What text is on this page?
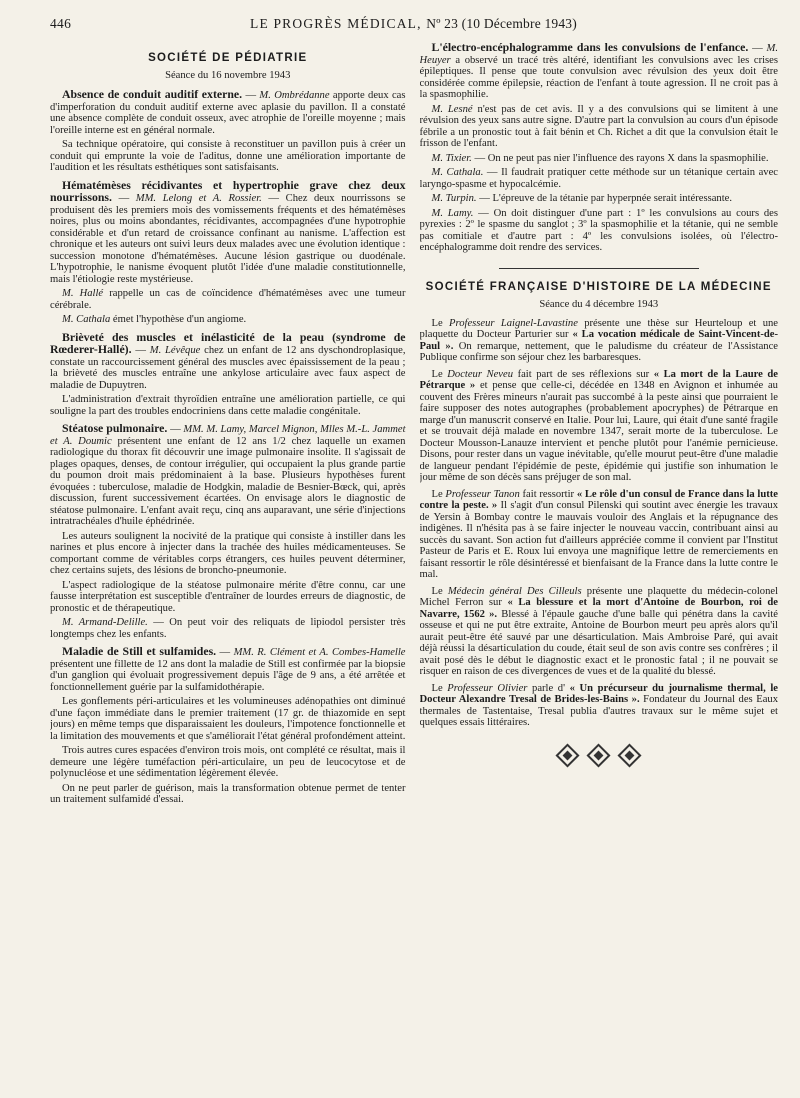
446	LE PROGRÈS MÉDICAL, Nº 23 (10 Décembre 1943)
SOCIÉTÉ DE PÉDIATRIE
Séance du 16 novembre 1943

Absence de conduit auditif externe. — M. Ombrédanne apporte deux cas d'imperforation du conduit auditif externe avec aplasie du pavillon. Il a constaté une absence complète de conduit osseux, avec atrophie de l'oreille moyenne ; mais l'oreille interne est en général normale.

Sa technique opératoire, qui consiste à reconstituer un pavillon puis à créer un conduit qui emprunte la voie de l'aditus, donne une amélioration importante de l'audition et les résultats esthétiques sont satisfaisants.

Hématémèses récidivantes et hypertrophie grave chez deux nourrissons. — MM. Lelong et A. Rossier. — Chez deux nourrissons se produisent dès les premiers mois des vomissements fréquents et des hématémèses noires, plus ou moins abondantes, récidivantes, accompagnées d'une hypotrophie considérable et d'un retard de croissance confinant au nanisme. L'affection est chronique et les auteurs ont suivi leurs deux malades avec une évolution identique : succession monotone d'hématémèses. Aucune lésion gastrique ou duodénale. L'hypotrophie, le nanisme évoquent plutôt l'idée d'une maladie constitutionnelle, mais l'étiologie reste mystérieuse.

M. Hallé rappelle un cas de coïncidence d'hématémèses avec une tumeur cérébrale.

M. Cathala émet l'hypothèse d'un angiome.

Brièveté des muscles et inélasticité de la peau (syndrome de Rœderer-Hallé). — M. Lévêque chez un enfant de 12 ans dyschondroplasique, constate un raccourcissement général des muscles avec épaississement de la peau ; la brièveté des muscles entraîne une ankylose articulaire avec faux aspect de maladie de Dupuytren.

L'administration d'extrait thyroïdien entraîne une amélioration partielle, ce qui souligne la part des troubles endocriniens dans cette maladie congénitale.

Stéatose pulmonaire. — MM. M. Lamy, Marcel Mignon, Mlles M.-L. Jammet et A. Doumic présentent une enfant de 12 ans 1/2 chez laquelle un examen radiologique du thorax fit découvrir une image pulmonaire insolite. Il s'agissait de plages opaques, denses, de contour irrégulier, qui occupaient la plus grande partie du poumon droit mais prédominaient à la base. Plusieurs hypothèses furent évoquées : tuberculose, maladie de Hodgkin, maladie de Besnier-Bœck, qui, après discussion, furent successivement écartées. On envisage alors le diagnostic de stéatose pulmonaire. L'enfant avait reçu, cinq ans auparavant, une série d'injections intratrachéales d'huile éphédrinée.

Les auteurs soulignent la nocivité de la pratique qui consiste à instiller dans les narines et plus encore à injecter dans la trachée des huiles médicamenteuses. Se comportant comme de véritables corps étrangers, ces huiles peuvent déterminer, chez certains sujets, des lésions de broncho-pneumonie.

L'aspect radiologique de la stéatose pulmonaire mérite d'être connu, car une fausse interprétation est susceptible d'entraîner de lourdes erreurs de diagnostic, de pronostic et de thérapeutique.

M. Armand-Delille. — On peut voir des reliquats de lipiodol persister très longtemps chez les enfants.

Maladie de Still et sulfamides. — MM. R. Clément et A. Combes-Hamelle présentent une fillette de 12 ans dont la maladie de Still est confirmée par la biopsie d'un ganglion qui évoluait progressivement depuis l'âge de 9 ans, a été arrêtée et fonctionnellement guérie par la sulfamidothérapie.

Les gonflements péri-articulaires et les volumineuses adénopathies ont diminué d'une façon immédiate dans le premier traitement (17 gr. de thiazomide en sept jours) en même temps que disparaissaient les douleurs, l'impotence fonctionnelle et la limitation des mouvements et que s'améliorait l'état général profondément atteint.

Trois autres cures espacées d'environ trois mois, ont complété ce résultat, mais il demeure une légère tuméfaction péri-articulaire, un peu de leucocytose et de polynucléose et une sédimentation légèrement élevée.

On ne peut parler de guérison, mais la transformation obtenue permet de tenter un traitement sulfamidé d'essai.

L'électro-encéphalogramme dans les convulsions de l'enfance. — M. Heuyer a observé un tracé très altéré, identifiant les convulsions avec les crises épileptiques. Il pense que toute convulsion avec révulsion des yeux doit être considérée comme épilepsie, réaction de l'enfant à toute agression. Il ne croit pas à la spasmophilie.

M. Lesné n'est pas de cet avis. Il y a des convulsions qui se limitent à une révulsion des yeux sans autre signe. D'autre part la convulsion au cours d'un épisode fébrile a un pronostic tout à fait bénin et Ch. Richet a dit que la convulsion était le frisson de l'enfant.

M. Tixier. — On ne peut pas nier l'influence des rayons X dans la spasmophilie.

M. Cathala. — Il faudrait pratiquer cette méthode sur un tétanique certain avec laryngo-spasme et hypocalcémie.

M. Turpin. — L'épreuve de la tétanie par hyperpnée serait intéressante.

M. Lamy. — On doit distinguer d'une part : 1º les convulsions au cours des pyrexies : 2º le spasme du sanglot ; 3º la spasmophilie et la tétanie, qui ne semble pas comitiale et d'autre part : 4º les convulsions isolées, où l'électro-encéphalogramme doit rendre des services.

SOCIÉTÉ FRANÇAISE D'HISTOIRE DE LA MÉDECINE
Séance du 4 décembre 1943

Le Professeur Laignel-Lavastine présente une thèse sur Heurteloup et une plaquette du Docteur Parturier sur « La vocation médicale de Saint-Vincent-de-Paul ». On remarque, nettement, que le paludisme du créateur de l'Assistance Publique confirme son séjour chez les barbaresques.

Le Docteur Neveu fait part de ses réflexions sur « La mort de la Laure de Pétrarque » et pense que celle-ci, décédée en 1348 en Avignon et inhumée au couvent des Frères mineurs n'aurait pas succombé à la peste ainsi que pourraient le faire supposer des notes autographes (probablement apocryphes) de Pétrarque en marge d'un manuscrit conservé en Italie. Pour lui, Laure, qui était d'une santé fragile et se trouvait déjà malade en novembre 1347, serait morte de la tuberculose. Le Docteur Mousson-Lanauze intervient et penche plutôt pour l'anémie pernicieuse. Disons, pour rester dans un vague inévitable, qu'elle mourut peut-être d'une maladie de langueur pendant l'épidémie de peste, épidémie qui justifie son inhumation le jour même de son décès sans préjuger de son mal.

Le Professeur Tanon fait ressortir « Le rôle d'un consul de France dans la lutte contre la peste. » Il s'agit d'un consul Pilenski qui soutint avec énergie les travaux de Yersin à Bombay contre le mauvais vouloir des Anglais et la répugnance des indigènes. Il n'hésita pas à se faire injecter le nouveau vaccin, contribuant ainsi au succès du savant. Son action fut d'ailleurs appréciée comme il convient par l'Institut Pasteur de Paris et E. Roux lui envoya une magnifique lettre de remerciements en faisant ressortir le rôle désintéressé et bienfaisant de la France dans la lutte contre le mal.

Le Médecin général Des Cilleuls présente une plaquette du médecin-colonel Michel Ferron sur « La blessure et la mort d'Antoine de Bourbon, roi de Navarre, 1562 ». Blessé à l'épaule gauche d'une balle qui pénétra dans la cavité osseuse et qui ne put être extraite, Antoine de Bourbon meurt peu après alors qu'il aurait peut-être été sauvé par une désarticulation. Mais Ambroise Paré, qui avait déjà réussi la désarticulation du coude, était seul de son avis contre ses confrères ; il avait posé dès le début le diagnostic exact et le pronostic fatal ; il ne pouvait se risquer en raison de ces divergences de vues et de la qualité du blessé.

Le Professeur Olivier parle d' « Un précurseur du journalisme thermal, le Docteur Alexandre Tresal de Brides-les-Bains ». Fondateur du Journal des Eaux thermales de Tastentaise, Tresal publia d'autres travaux sur le même sujet et quelques essais littéraires.
